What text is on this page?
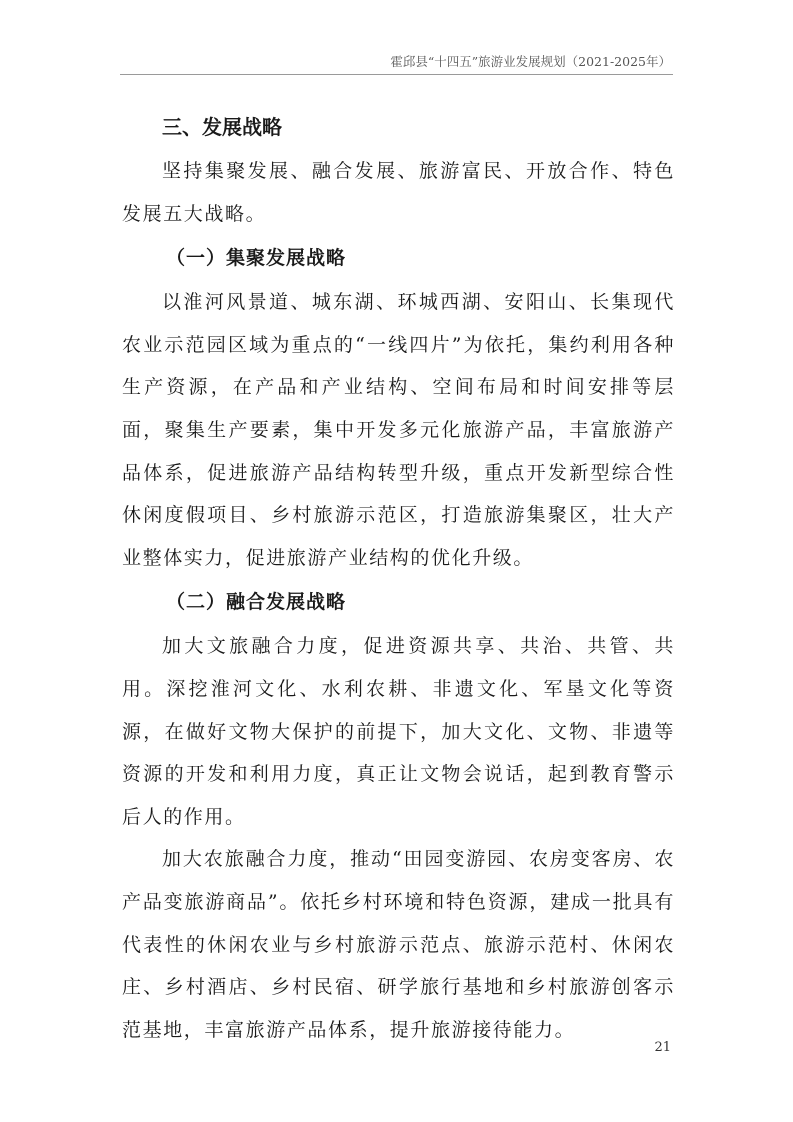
霍邱县“十四五”旅游业发展规划（2021-2025年）
三、发展战略

坚持集聚发展、融合发展、旅游富民、开放合作、特色发展五大战略。

（一）集聚发展战略

以淮河风景道、城东湖、环城西湖、安阳山、长集现代农业示范园区域为重点的“一线四片”为依托，集约利用各种生产资源，在产品和产业结构、空间布局和时间安排等层面，聚集生产要素，集中开发多元化旅游产品，丰富旅游产品体系，促进旅游产品结构转型升级，重点开发新型综合性休闲度假项目、乡村旅游示范区，打造旅游集聚区，壮大产业整体实力，促进旅游产业结构的优化升级。

（二）融合发展战略

加大文旅融合力度，促进资源共享、共治、共管、共用。深挖淮河文化、水利农耕、非遗文化、军垦文化等资源，在做好文物大保护的前提下，加大文化、文物、非遗等资源的开发和利用力度，真正让文物会说话，起到教育警示后人的作用。

加大农旅融合力度，推动“田园变游园、农房变客房、农产品变旅游商品”。依托乡村环境和特色资源，建成一批具有代表性的休闲农业与乡村旅游示范点、旅游示范村、休闲农庄、乡村酒店、乡村民宿、研学旅行基地和乡村旅游创客示范基地，丰富旅游产品体系，提升旅游接待能力。

21
